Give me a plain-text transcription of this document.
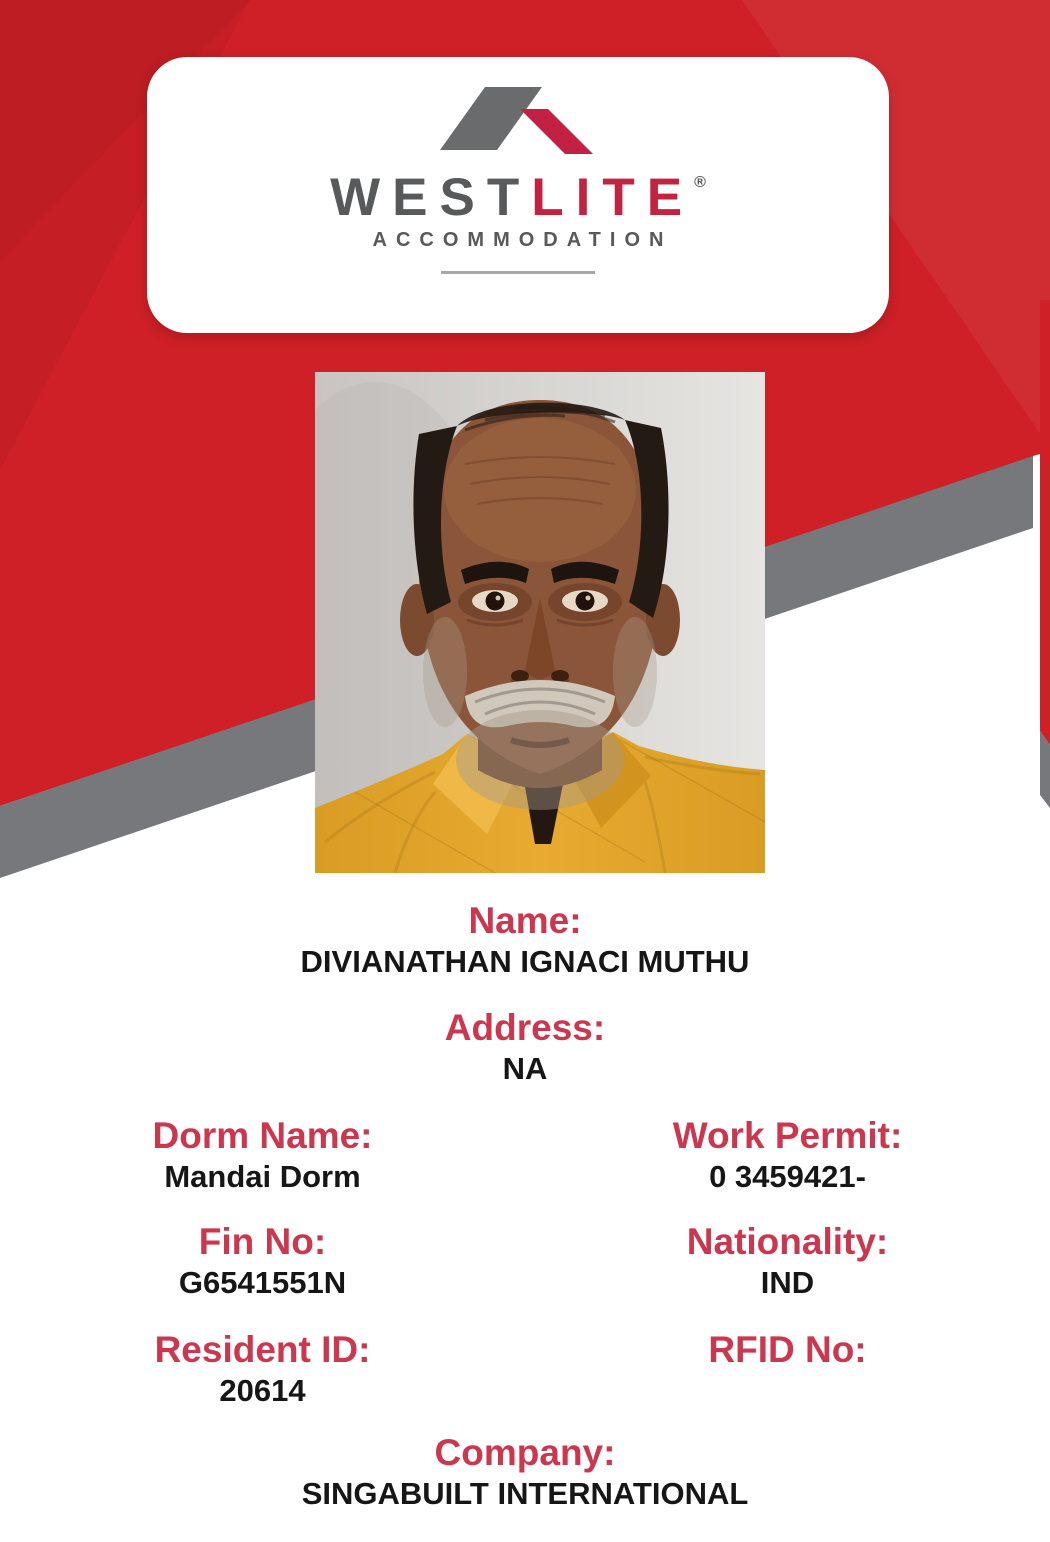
WESTLITE®
ACCOMMODATION
Name:
DIVIANATHAN IGNACI MUTHU
Address:
NA
Dorm Name:
Mandai Dorm
Work Permit:
0 3459421-
Fin No:
G6541551N
Nationality:
IND
Resident ID:
20614
RFID No:
Company:
SINGABUILT INTERNATIONAL
